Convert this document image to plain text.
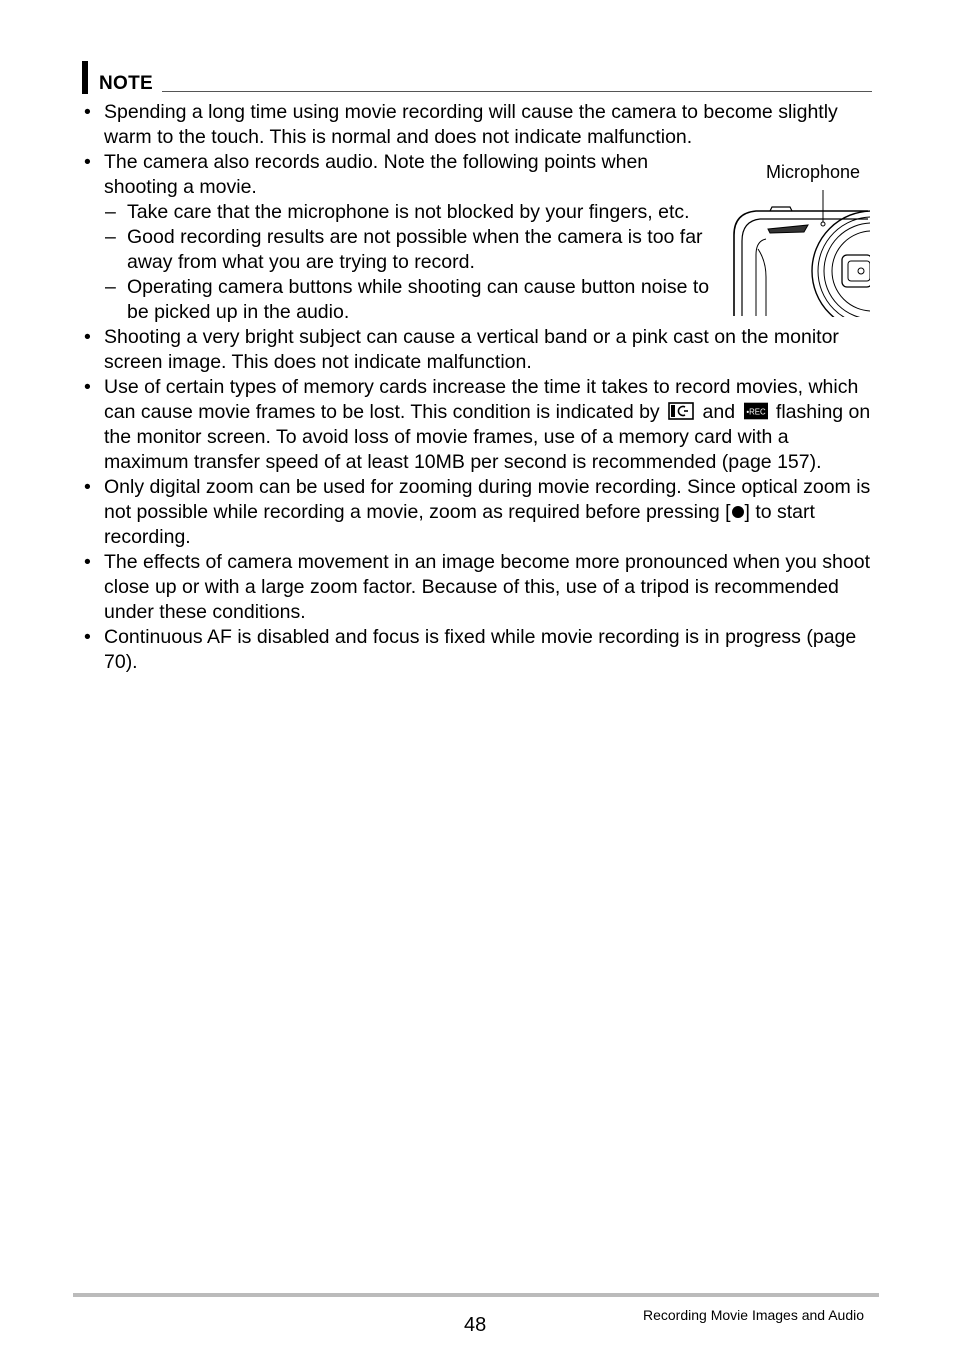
NOTE
Microphone
• Spending a long time using movie recording will cause the camera to become slightly warm to the touch. This is normal and does not indicate malfunction.
• The camera also records audio. Note the following points when shooting a movie.
– Take care that the microphone is not blocked by your fingers, etc.
– Good recording results are not possible when the camera is too far away from what you are trying to record.
– Operating camera buttons while shooting can cause button noise to be picked up in the audio.
• Shooting a very bright subject can cause a vertical band or a pink cast on the monitor screen image. This does not indicate malfunction.
• Use of certain types of memory cards increase the time it takes to record movies, which can cause movie frames to be lost. This condition is indicated by and •REC flashing on the monitor screen. To avoid loss of movie frames, use of a memory card with a maximum transfer speed of at least 10MB per second is recommended (page 157).
• Only digital zoom can be used for zooming during movie recording. Since optical zoom is not possible while recording a movie, zoom as required before pressing [ ] to start recording.
• The effects of camera movement in an image become more pronounced when you shoot close up or with a large zoom factor. Because of this, use of a tripod is recommended under these conditions.
• Continuous AF is disabled and focus is fixed while movie recording is in progress (page 70).
48	Recording Movie Images and Audio
